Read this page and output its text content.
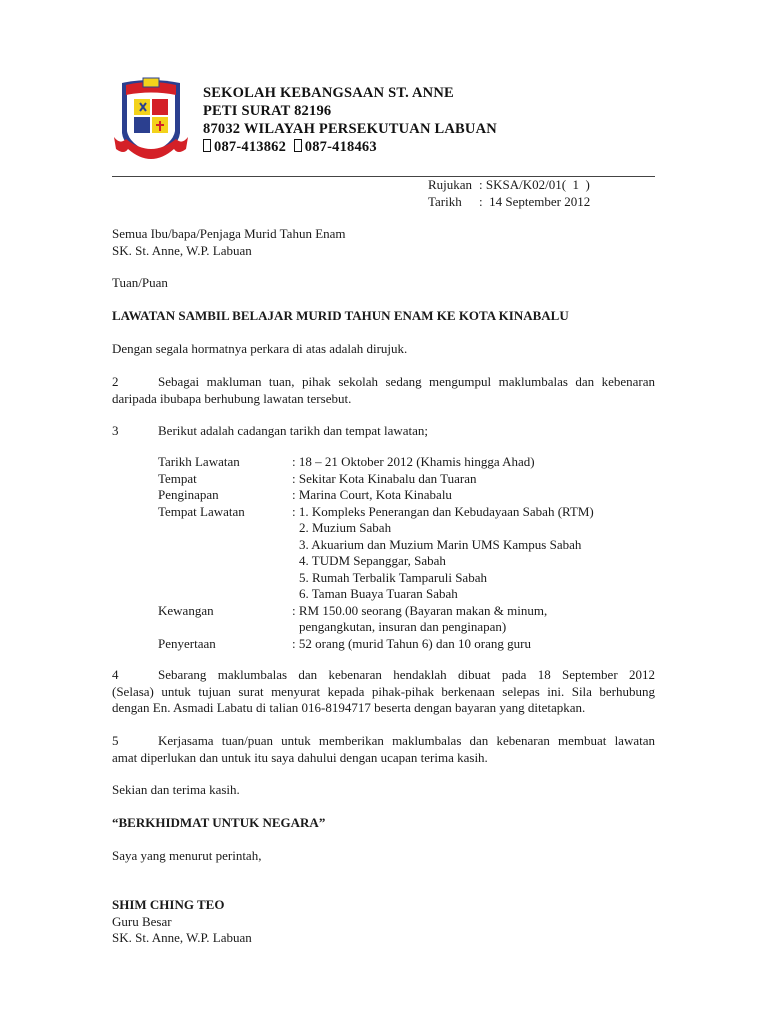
SEKOLAH KEBANGSAAN ST. ANNE
PETI SURAT 82196
87032 WILAYAH PERSEKUTUAN LABUAN
087-413862 087-418463
Rujukan : SKSA/K02/01(  1  )
Tarikh	:  14 September 2012
Semua Ibu/bapa/Penjaga Murid Tahun Enam
SK. St. Anne, W.P. Labuan
Tuan/Puan
LAWATAN SAMBIL BELAJAR MURID TAHUN ENAM KE KOTA KINABALU
Dengan segala hormatnya perkara di atas adalah dirujuk.
2	Sebagai makluman tuan, pihak sekolah sedang mengumpul maklumbalas dan kebenaran
daripada ibubapa berhubung lawatan tersebut.
3	Berikut adalah cadangan tarikh dan tempat lawatan;
Tarikh Lawatan	: 18 – 21 Oktober 2012 (Khamis hingga Ahad)
Tempat	: Sekitar Kota Kinabalu dan Tuaran
Penginapan	: Marina Court, Kota Kinabalu
Tempat Lawatan	: 1. Kompleks Penerangan dan Kebudayaan Sabah (RTM)
2. Muzium Sabah
3. Akuarium dan Muzium Marin UMS Kampus Sabah
4. TUDM Sepanggar, Sabah
5. Rumah Terbalik Tamparuli Sabah
6. Taman Buaya Tuaran Sabah
Kewangan	: RM 150.00 seorang (Bayaran makan & minum,
pengangkutan, insuran dan penginapan)
Penyertaan	: 52 orang (murid Tahun 6) dan 10 orang guru
4	Sebarang maklumbalas dan kebenaran hendaklah dibuat pada 18 September 2012
(Selasa) untuk tujuan surat menyurat kepada pihak-pihak berkenaan selepas ini. Sila berhubung
dengan En. Asmadi Labatu di talian 016-8194717 beserta dengan bayaran yang ditetapkan.
5	Kerjasama tuan/puan untuk memberikan maklumbalas dan kebenaran membuat lawatan
amat diperlukan dan untuk itu saya dahului dengan ucapan terima kasih.
Sekian dan terima kasih.
“BERKHIDMAT UNTUK NEGARA”
Saya yang menurut perintah,
SHIM CHING TEO
Guru Besar
SK. St. Anne, W.P. Labuan
